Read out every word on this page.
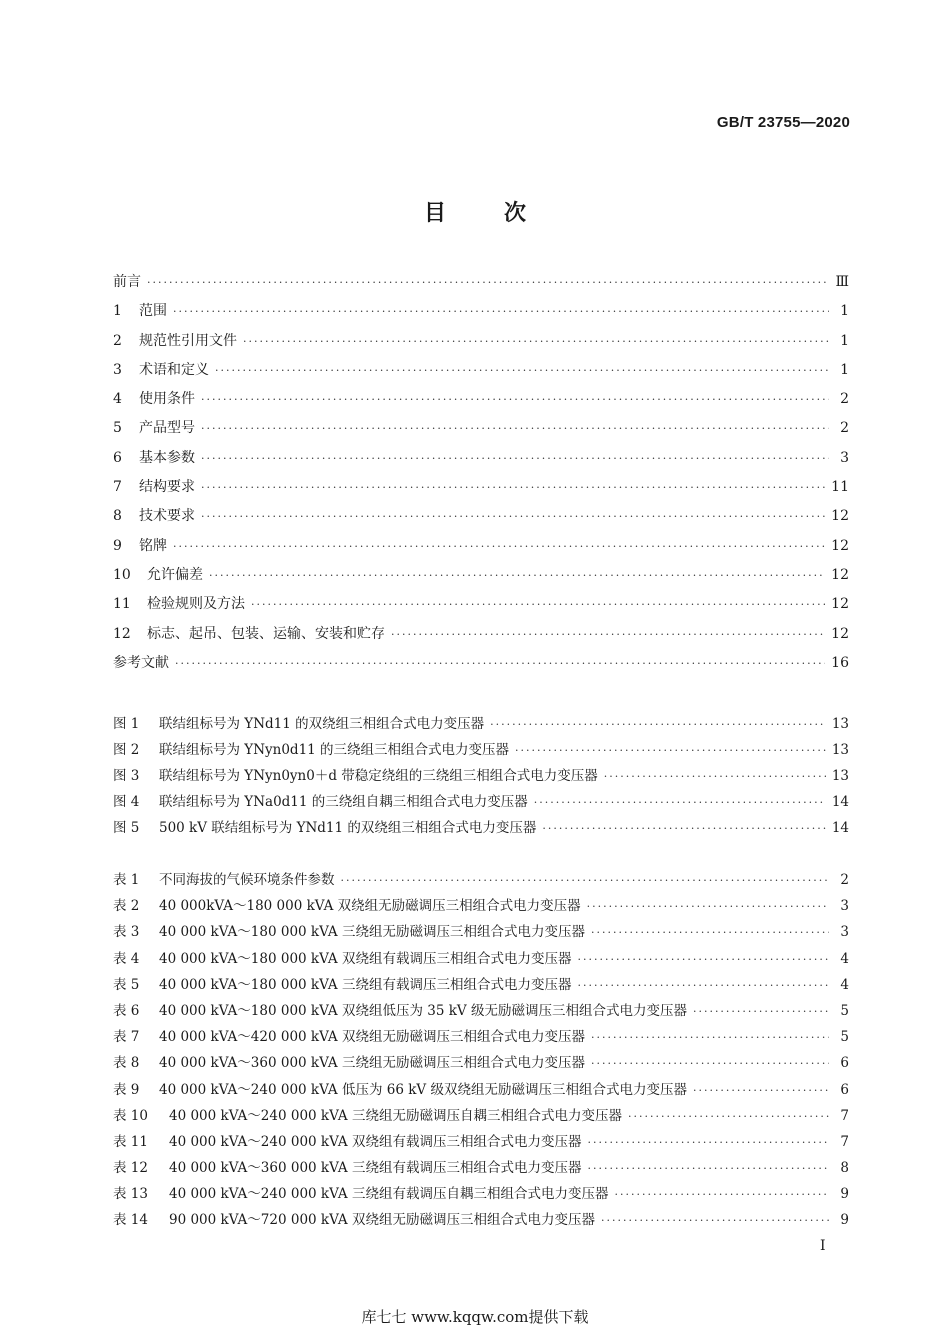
GB/T 23755—2020
目	次
前言 ·····	Ⅲ
1	范围 ·····	1
2	规范性引用文件 ·····	1
3	术语和定义 ·····	1
4	使用条件 ·····	2
5	产品型号 ·····	2
6	基本参数 ·····	3
7	结构要求 ·····	11
8	技术要求 ·····	12
9	铭牌 ·····	12
10	允许偏差 ·····	12
11	检验规则及方法 ·····	12
12	标志、起吊、包装、运输、安装和贮存 ·····	12
参考文献 ·····	16
图 1	联结组标号为 YNd11 的双绕组三相组合式电力变压器 ·····	13
图 2	联结组标号为 YNyn0d11 的三绕组三相组合式电力变压器 ·····	13
图 3	联结组标号为 YNyn0yn0＋d 带稳定绕组的三绕组三相组合式电力变压器 ·····	13
图 4	联结组标号为 YNa0d11 的三绕组自耦三相组合式电力变压器 ·····	14
图 5	500 kV 联结组标号为 YNd11 的双绕组三相组合式电力变压器 ·····	14
表 1	不同海拔的气候环境条件参数 ·····	2
表 2	40 000kVA～180 000 kVA 双绕组无励磁调压三相组合式电力变压器 ·····	3
表 3	40 000 kVA～180 000 kVA 三绕组无励磁调压三相组合式电力变压器 ·····	3
表 4	40 000 kVA～180 000 kVA 双绕组有载调压三相组合式电力变压器 ·····	4
表 5	40 000 kVA～180 000 kVA 三绕组有载调压三相组合式电力变压器 ·····	4
表 6	40 000 kVA～180 000 kVA 双绕组低压为 35 kV 级无励磁调压三相组合式电力变压器 ·····	5
表 7	40 000 kVA～420 000 kVA 双绕组无励磁调压三相组合式电力变压器 ·····	5
表 8	40 000 kVA～360 000 kVA 三绕组无励磁调压三相组合式电力变压器 ·····	6
表 9	40 000 kVA～240 000 kVA 低压为 66 kV 级双绕组无励磁调压三相组合式电力变压器 ·····	6
表 10	40 000 kVA～240 000 kVA 三绕组无励磁调压自耦三相组合式电力变压器 ·····	7
表 11	40 000 kVA～240 000 kVA 双绕组有载调压三相组合式电力变压器 ·····	7
表 12	40 000 kVA～360 000 kVA 三绕组有载调压三相组合式电力变压器 ·····	8
表 13	40 000 kVA～240 000 kVA 三绕组有载调压自耦三相组合式电力变压器 ·····	9
表 14	90 000 kVA～720 000 kVA 双绕组无励磁调压三相组合式电力变压器 ·····	9
I
库七七 www.kqqw.com提供下载
